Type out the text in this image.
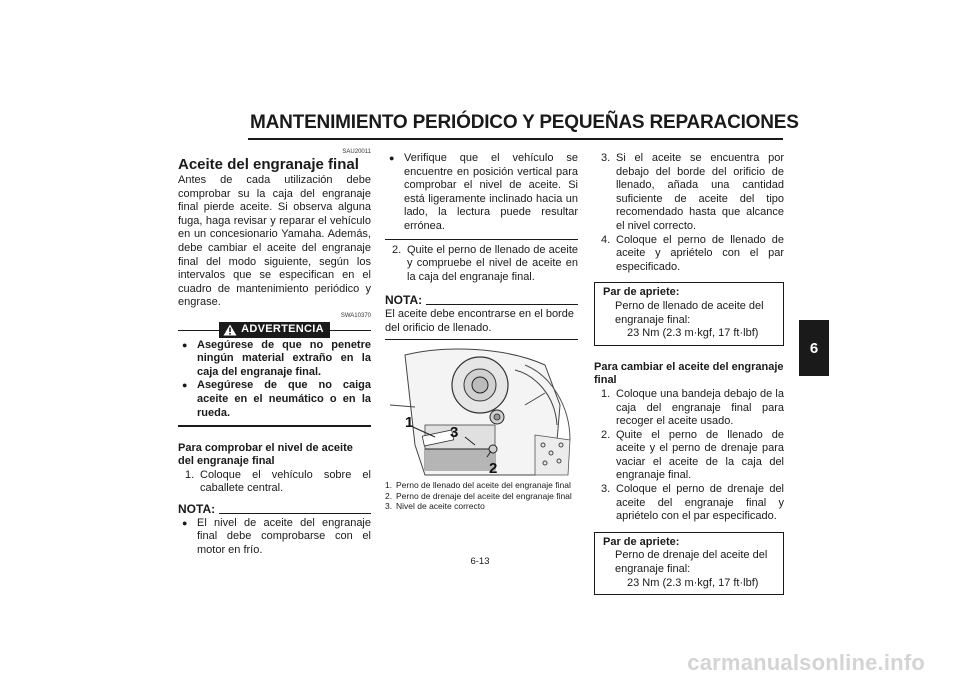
MANTENIMIENTO PERIÓDICO Y PEQUEÑAS REPARACIONES
6
SAU20011
Aceite del engranaje final

Antes de cada utilización debe comprobar su la caja del engranaje final pierde aceite. Si observa alguna fuga, haga revisar y reparar el vehículo en un concesionario Yamaha. Además, debe cambiar el aceite del engranaje final del modo siguiente, según los intervalos que se especifican en el cuadro de mantenimiento periódico y engrase.

SWA10370
ADVERTENCIA
● Asegúrese de que no penetre ningún material extraño en la caja del engranaje final.
● Asegúrese de que no caiga aceite en el neumático o en la rueda.

Para comprobar el nivel de aceite del engranaje final

1. Coloque el vehículo sobre el caballete central.
NOTA:
● El nivel de aceite del engranaje final debe comprobarse con el motor en frío.
● Verifique que el vehículo se encuentre en posición vertical para comprobar el nivel de aceite. Si está ligeramente inclinado hacia un lado, la lectura puede resultar errónea.
2. Quite el perno de llenado de aceite y compruebe el nivel de aceite en la caja del engranaje final.
NOTA:

El aceite debe encontrarse en el borde del orificio de llenado.

1
3
2
1. Perno de llenado del aceite del engranaje final
2. Perno de drenaje del aceite del engranaje final
3. Nivel de aceite correcto
3. Si el aceite se encuentra por debajo del borde del orificio de llenado, añada una cantidad suficiente de aceite del tipo recomendado hasta que alcance el nivel correcto.
4. Coloque el perno de llenado de aceite y apriételo con el par especificado.
Par de apriete:
Perno de llenado de aceite del engranaje final:
23 Nm (2.3 m·kgf, 17 ft·lbf)

Para cambiar el aceite del engranaje final

1. Coloque una bandeja debajo de la caja del engranaje final para recoger el aceite usado.
2. Quite el perno de llenado de aceite y el perno de drenaje para vaciar el aceite de la caja del engranaje final.
3. Coloque el perno de drenaje del aceite del engranaje final y apriételo con el par especificado.
Par de apriete:
Perno de drenaje del aceite del engranaje final:
23 Nm (2.3 m·kgf, 17 ft·lbf)
6-13
carmanualsonline.info
